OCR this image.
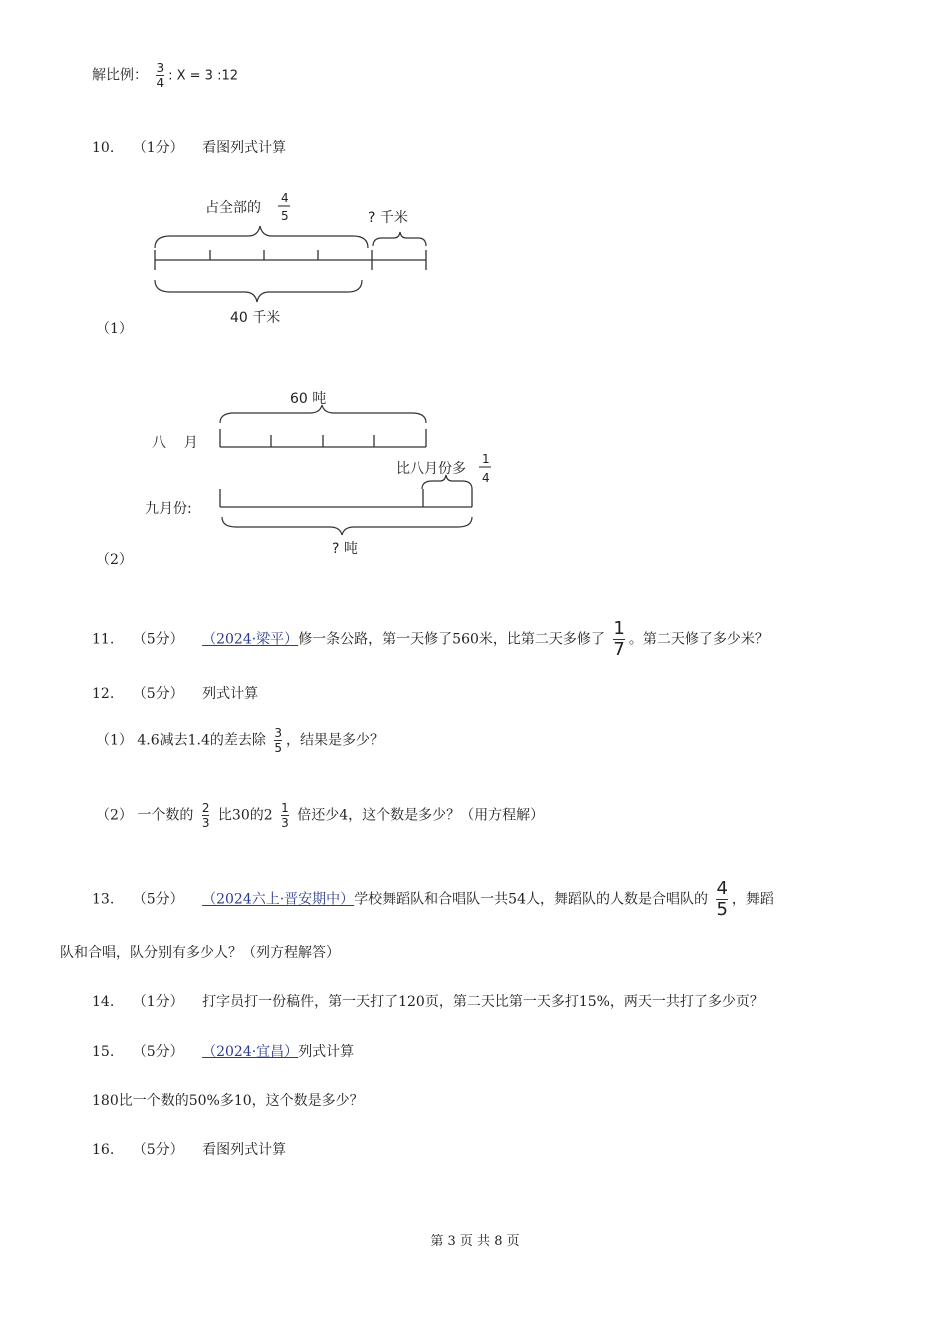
解比例： $\frac{3}{4}$ : X = 3 :12
10. （1分） 看图列式计算
占全部的
4
5	? 千米
40 千米
（1）
60 吨
八    月
比八月份多
1
4
九月份:
? 吨
（2）
11. （5分） （2024·梁平）修一条公路，第一天修了560米，比第二天多修了 $\frac{1}{7}$ 。第二天修了多少米？
12. （5分） 列式计算
（1） 4.6减去1.4的差去除 $\frac{3}{5}$ ，结果是多少？
（2） 一个数的 $\frac{2}{3}$ 比30的$2 \frac{1}{3}$ 倍还少4，这个数是多少？（用方程解）
13. （5分） （2024六上·晋安期中）学校舞蹈队和合唱队一共54人，舞蹈队的人数是合唱队的 $\frac{4}{5}$ ，舞蹈
队和合唱，队分别有多少人？（列方程解答）
14. （1分） 打字员打一份稿件，第一天打了120页，第二天比第一天多打15%，两天一共打了多少页？
15. （5分） （2024·宜昌）列式计算
180比一个数的50%多10，这个数是多少？
16. （5分） 看图列式计算
第 3 页 共 8 页
